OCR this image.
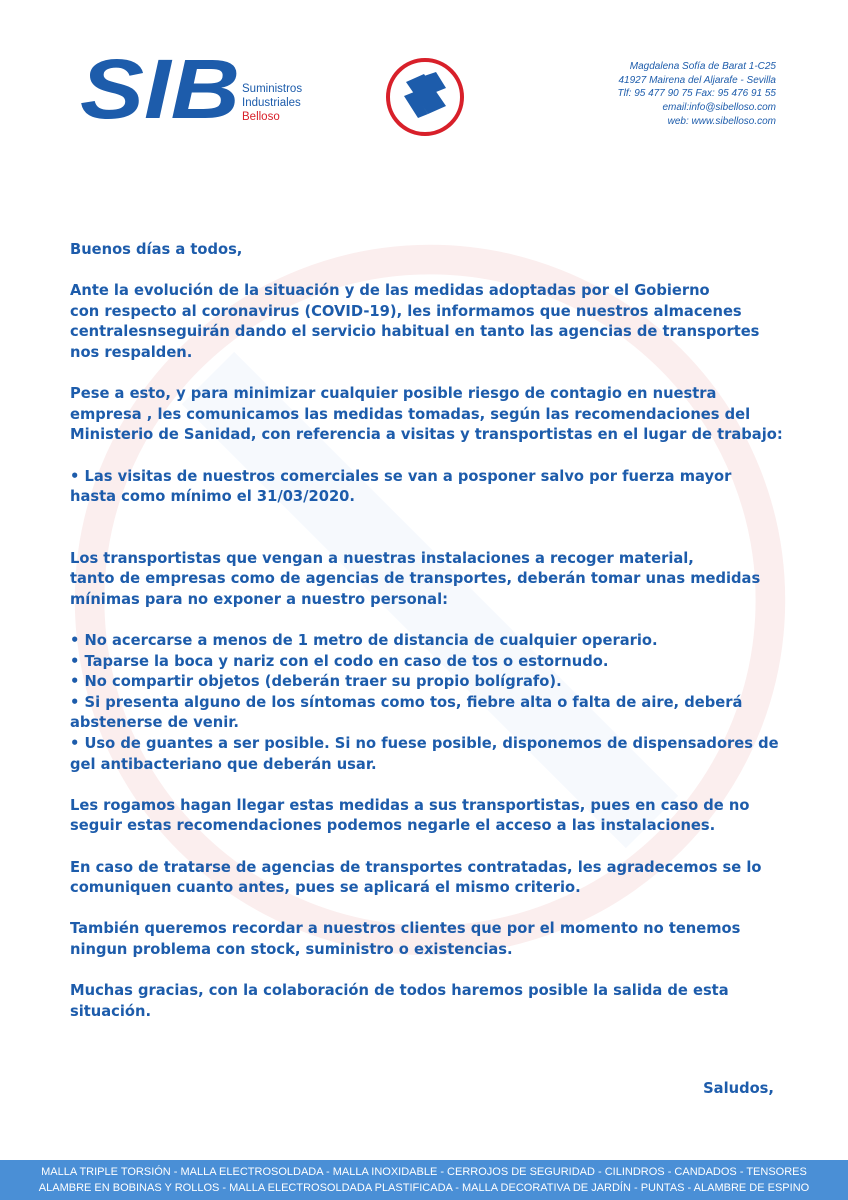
SIB Suministros
Industriales
Belloso
Magdalena Sofía de Barat 1-C25
41927 Mairena del Aljarafe - Sevilla
Tlf: 95 477 90 75 Fax: 95 476 91 55
email:info@sibelloso.com
web: www.sibelloso.com

Buenos días a todos,

Ante la evolución de la situación y de las medidas adoptadas por el Gobierno

con respecto al coronavirus (COVID-19), les informamos que nuestros almacenes

centralesnseguirán dando el servicio habitual en tanto las agencias de transportes

nos respalden.

Pese a esto, y para minimizar cualquier posible riesgo de contagio en nuestra

empresa , les comunicamos las medidas tomadas, según las recomendaciones del

Ministerio de Sanidad, con referencia a visitas y transportistas en el lugar de trabajo:

• Las visitas de nuestros comerciales se van a posponer salvo por fuerza mayor

hasta como mínimo el 31/03/2020.

Los transportistas que vengan a nuestras instalaciones a recoger material,

tanto de empresas como de agencias de transportes, deberán tomar unas medidas

mínimas para no exponer a nuestro personal:

• No acercarse a menos de 1 metro de distancia de cualquier operario.

• Taparse la boca y nariz con el codo en caso de tos o estornudo.

• No compartir objetos (deberán traer su propio bolígrafo).

• Si presenta alguno de los síntomas como tos, fiebre alta o falta de aire, deberá

abstenerse de venir.

• Uso de guantes a ser posible. Si no fuese posible, disponemos de dispensadores de

gel antibacteriano que deberán usar.

Les rogamos hagan llegar estas medidas a sus transportistas, pues en caso de no

seguir estas recomendaciones podemos negarle el acceso a las instalaciones.

En caso de tratarse de agencias de transportes contratadas, les agradecemos se lo

comuniquen cuanto antes, pues se aplicará el mismo criterio.

También queremos recordar a nuestros clientes que por el momento no tenemos

ningun problema con stock, suministro o existencias.

Muchas gracias, con la colaboración de todos haremos posible la salida de esta

situación.

Saludos,
MALLA TRIPLE TORSIÓN - MALLA ELECTROSOLDADA - MALLA INOXIDABLE - CERROJOS DE SEGURIDAD - CILINDROS - CANDADOS - TENSORES
ALAMBRE EN BOBINAS Y ROLLOS - MALLA ELECTROSOLDADA PLASTIFICADA - MALLA DECORATIVA DE JARDÍN - PUNTAS - ALAMBRE DE ESPINO
